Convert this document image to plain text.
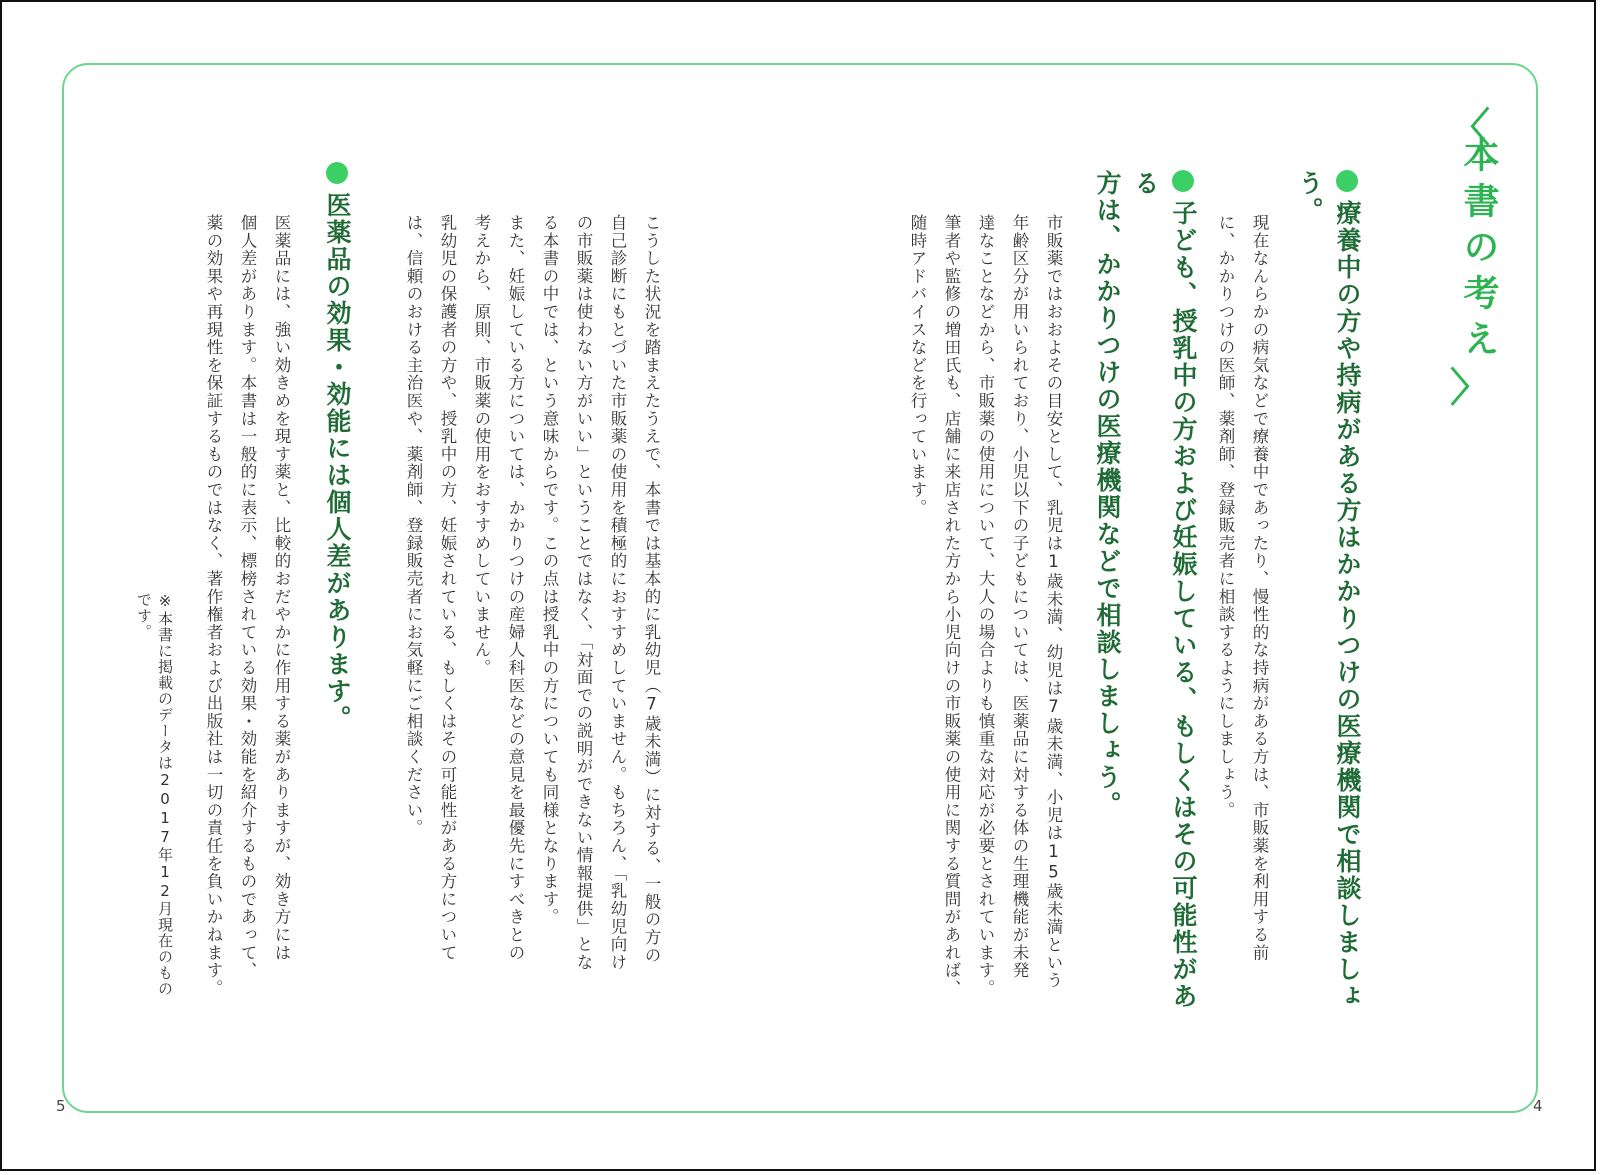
〈
本書の考え
〉
療養中の方や持病がある方はかかりつけの医療機関で相談しましょう。

現在なんらかの病気などで療養中であったり、慢性的な持病がある方は、市販薬を利用する前

に、かかりつけの医師、薬剤師、登録販売者に相談するようにしましょう。

子ども、授乳中の方および妊娠している、もしくはその可能性がある

方は、かかりつけの医療機関などで相談しましょう。

市販薬ではおおよその目安として、乳児は1歳未満、幼児は7歳未満、小児は15歳未満という

年齢区分が用いられており、小児以下の子どもについては、医薬品に対する体の生理機能が未発

達なことなどから、市販薬の使用について、大人の場合よりも慎重な対応が必要とされています。

筆者や監修の増田氏も、店舗に来店された方から小児向けの市販薬の使用に関する質問があれば、

随時アドバイスなどを行っています。

こうした状況を踏まえたうえで、本書では基本的に乳幼児（7歳未満）に対する、一般の方の

自己診断にもとづいた市販薬の使用を積極的におすすめしていません。もちろん、「乳幼児向け

の市販薬は使わない方がいい」ということではなく、「対面での説明ができない情報提供」とな

る本書の中では、という意味からです。この点は授乳中の方についても同様となります。

また、妊娠している方については、かかりつけの産婦人科医などの意見を最優先にすべきとの

考えから、原則、市販薬の使用をおすすめしていません。

乳幼児の保護者の方や、授乳中の方、妊娠されている、もしくはその可能性がある方について

は、信頼のおける主治医や、薬剤師、登録販売者にお気軽にご相談ください。

医薬品の効果・効能には個人差があります。

医薬品には、強い効きめを現す薬と、比較的おだやかに作用する薬がありますが、効き方には

個人差があります。本書は一般的に表示、標榜されている効果・効能を紹介するものであって、

薬の効果や再現性を保証するものではなく、著作権者および出版社は一切の責任を負いかねます。

※本書に掲載のデータは2017年12月現在のものです。
5	4
